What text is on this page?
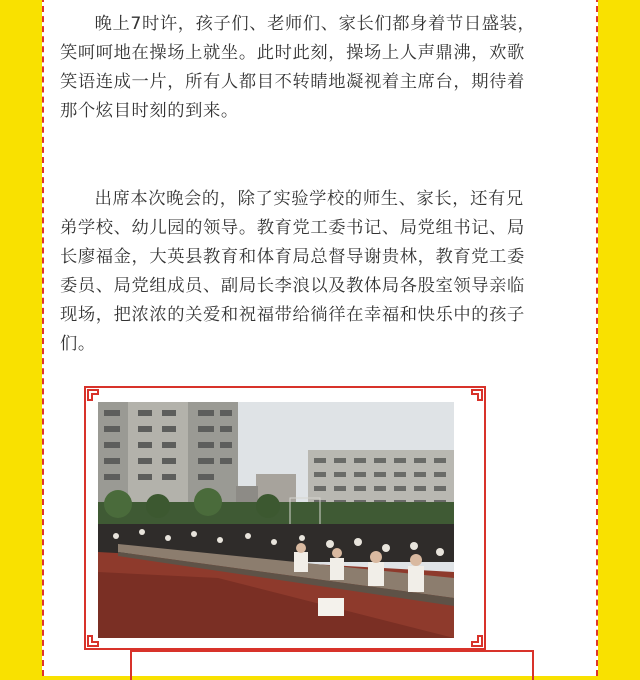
晚上7时许，孩子们、老师们、家长们都身着节日盛装，笑呵呵地在操场上就坐。此时此刻，操场上人声鼎沸，欢歌笑语连成一片，所有人都目不转睛地凝视着主席台，期待着那个炫目时刻的到来。

出席本次晚会的，除了实验学校的师生、家长，还有兄弟学校、幼儿园的领导。教育党工委书记、局党组书记、局长廖福金，大英县教育和体育局总督导谢贵林，教育党工委委员、局党组成员、副局长李浪以及教体局各股室领导亲临现场，把浓浓的关爱和祝福带给徜徉在幸福和快乐中的孩子们。
